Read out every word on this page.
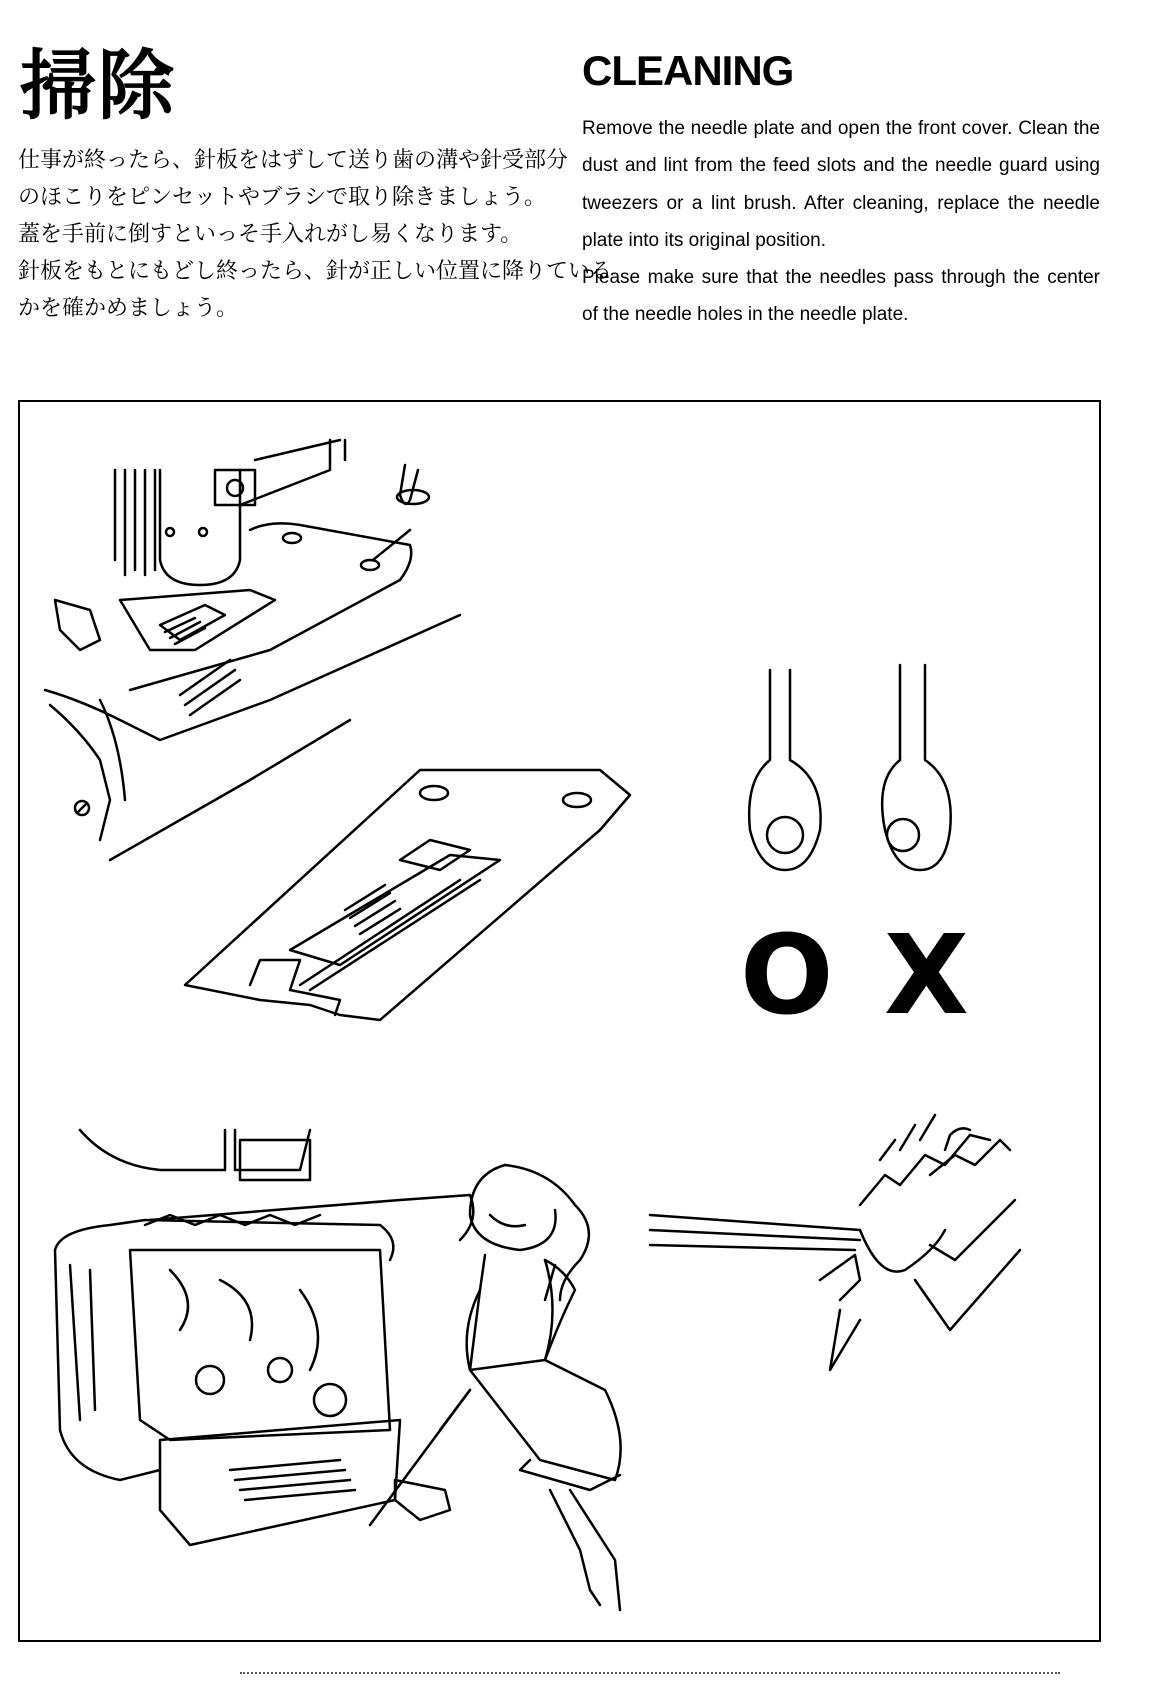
掃除

仕事が終ったら、針板をはずして送り歯の溝や針受部分

のほこりをピンセットやブラシで取り除きましょう。

蓋を手前に倒すといっそ手入れがし易くなります。

針板をもとにもどし終ったら、針が正しい位置に降りている

かを確かめましょう。

CLEANING

Remove the needle plate and open the front cover. Clean the dust and lint from the feed slots and the needle guard using tweezers or a lint brush. After cleaning, replace the needle plate into its original position.

Please make sure that the needles pass through the center of the needle holes in the needle plate.

O X
